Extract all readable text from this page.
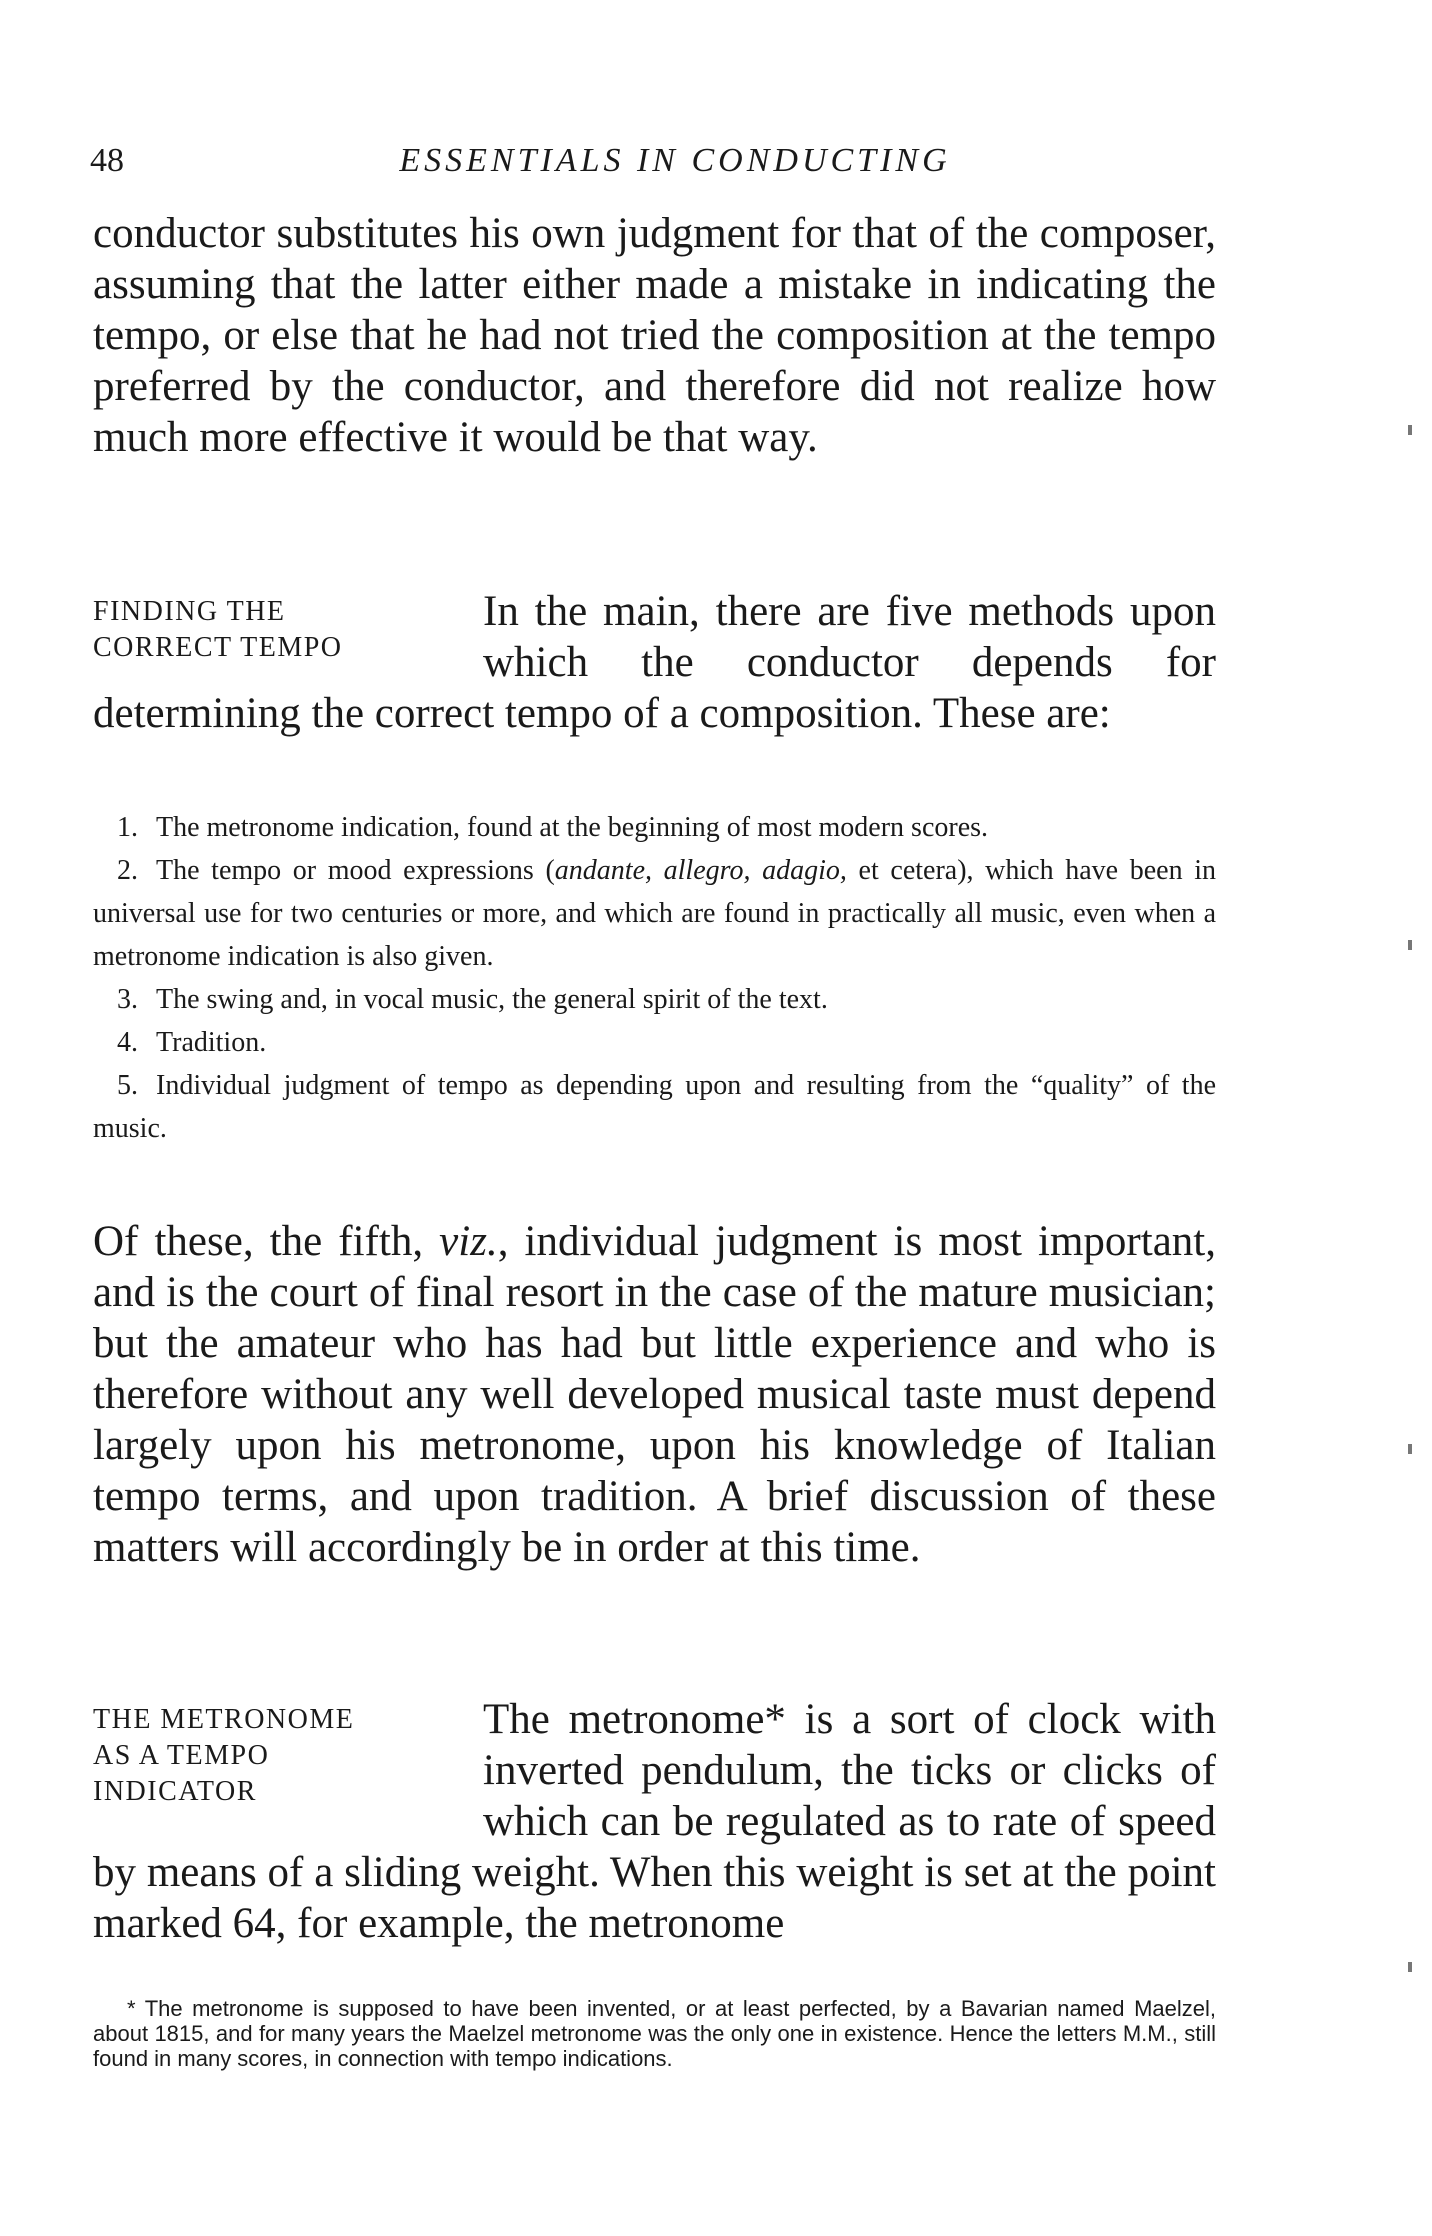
48	ESSENTIALS IN CONDUCTING

conductor substitutes his own judgment for that of the composer, assuming that the latter either made a mistake in indicating the tempo, or else that he had not tried the composition at the tempo preferred by the conductor, and therefore did not realize how much more effective it would be that way.

FINDING THE
CORRECT TEMPO

In the main, there are five methods upon which the conductor depends for determining the correct tempo of a composition. These are:

1. The metronome indication, found at the beginning of most modern scores.

2. The tempo or mood expressions (andante, allegro, adagio, et cetera), which have been in universal use for two centuries or more, and which are found in practically all music, even when a metronome indication is also given.

3. The swing and, in vocal music, the general spirit of the text.

4. Tradition.

5. Individual judgment of tempo as depending upon and resulting from the “quality” of the music.

Of these, the fifth, viz., individual judgment is most important, and is the court of final resort in the case of the mature musician; but the amateur who has had but little experience and who is therefore without any well developed musical taste must depend largely upon his metronome, upon his knowledge of Italian tempo terms, and upon tradition. A brief discussion of these matters will accordingly be in order at this time.

THE METRONOME
AS A TEMPO
INDICATOR

The metronome* is a sort of clock with inverted pendulum, the ticks or clicks of which can be regulated as to rate of speed by means of a sliding weight. When this weight is set at the point marked 64, for example, the metronome

* The metronome is supposed to have been invented, or at least perfected, by a Bavarian named Maelzel, about 1815, and for many years the Maelzel metronome was the only one in existence. Hence the letters M.M., still found in many scores, in connection with tempo indications.
